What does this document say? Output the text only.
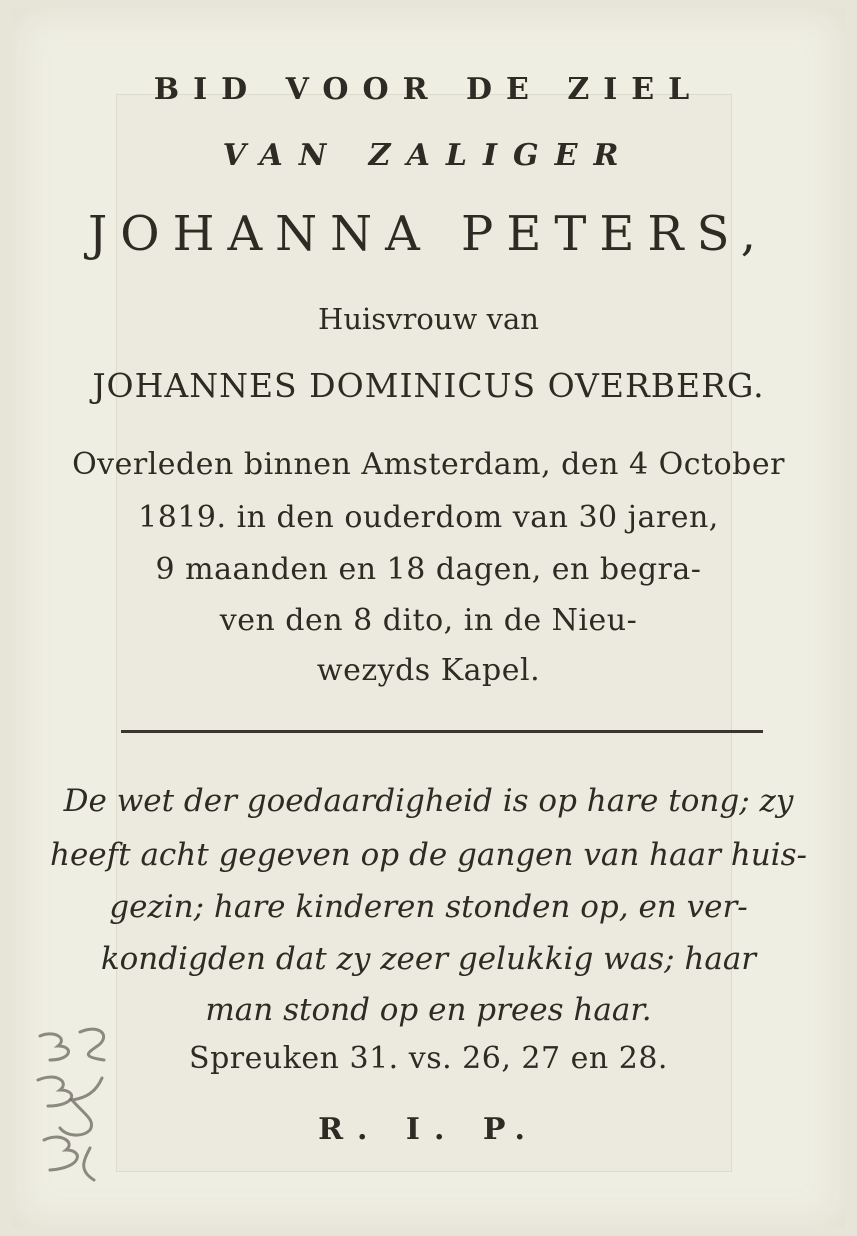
BID VOOR DE ZIEL
VAN ZALIGER
JOHANNA PETERS,
Huisvrouw van
JOHANNES DOMINICUS OVERBERG.
Overleden binnen Amsterdam, den 4 October
1819. in den ouderdom van 30 jaren,
9 maanden en 18 dagen, en begra-
ven den 8 dito, in de Nieu-
wezyds Kapel.
De wet der goedaardigheid is op hare tong; zy
heeft acht gegeven op de gangen van haar huis-
gezin; hare kinderen stonden op, en ver-
kondigden dat zy zeer gelukkig was; haar
man stond op en prees haar.
Spreuken 31. vs. 26, 27 en 28.
R. I. P.
